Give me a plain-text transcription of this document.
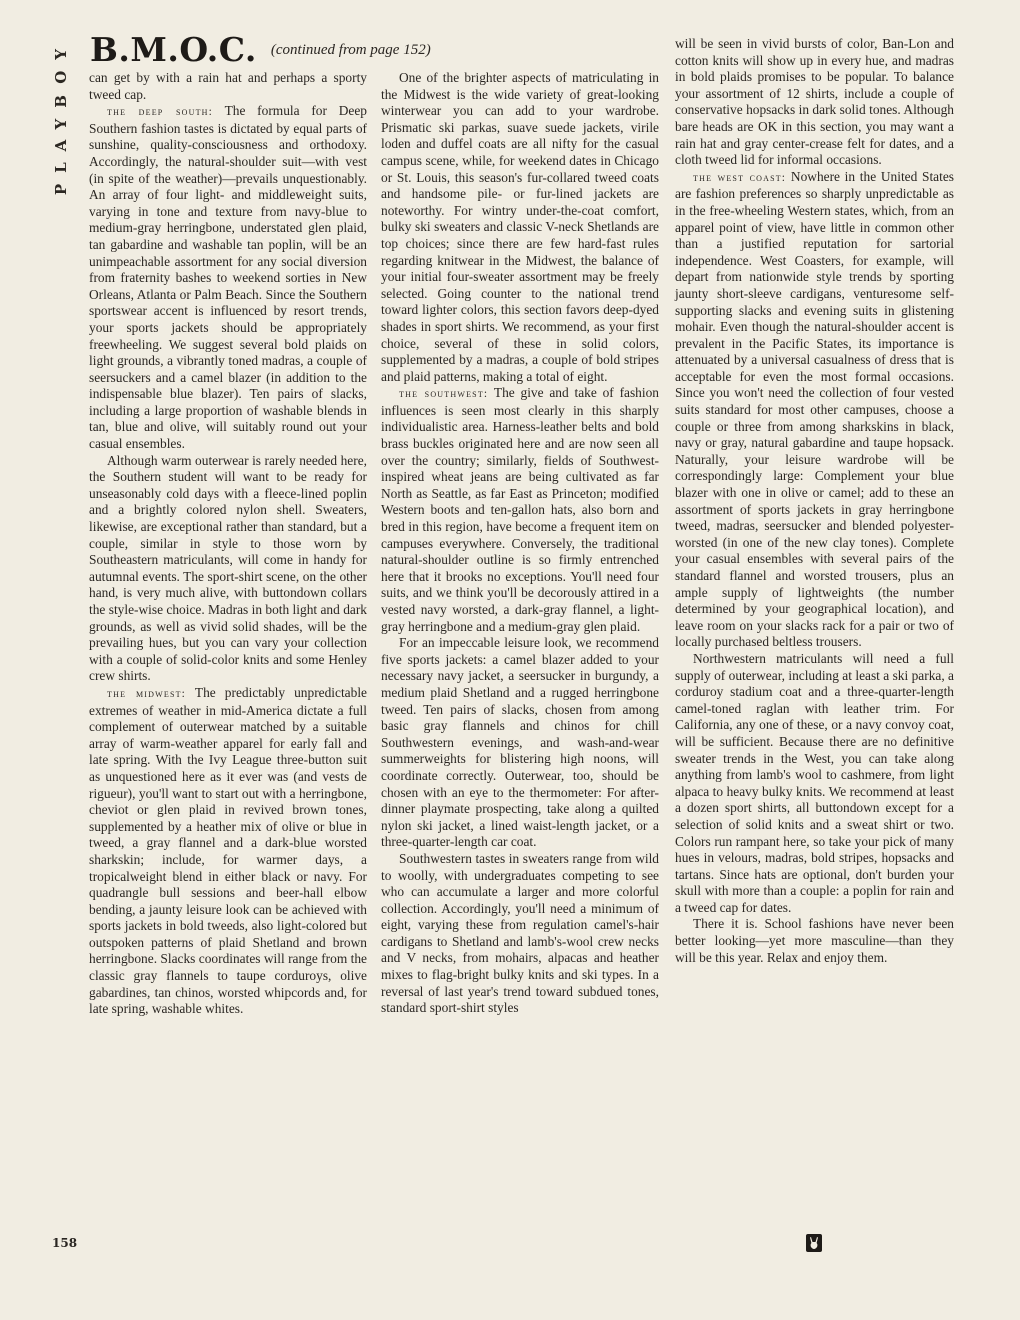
PLAYBOY B.M.O.C. (continued from page 152)

can get by with a rain hat and perhaps a sporty tweed cap.

the deep south: The formula for Deep Southern fashion tastes is dictated by equal parts of sunshine, quality-consciousness and orthodoxy. Accordingly, the natural-shoulder suit—with vest (in spite of the weather)—prevails unquestionably. An array of four light- and middleweight suits, varying in tone and texture from navy-blue to medium-gray herringbone, understated glen plaid, tan gabardine and washable tan poplin, will be an unimpeachable assortment for any social diversion from fraternity bashes to weekend sorties in New Orleans, Atlanta or Palm Beach. Since the Southern sportswear accent is influenced by resort trends, your sports jackets should be appropriately freewheeling. We suggest several bold plaids on light grounds, a vibrantly toned madras, a couple of seersuckers and a camel blazer (in addition to the indispensable blue blazer). Ten pairs of slacks, including a large proportion of washable blends in tan, blue and olive, will suitably round out your casual ensembles.

Although warm outerwear is rarely needed here, the Southern student will want to be ready for unseasonably cold days with a fleece-lined poplin and a brightly colored nylon shell. Sweaters, likewise, are exceptional rather than standard, but a couple, similar in style to those worn by Southeastern matriculants, will come in handy for autumnal events. The sport-shirt scene, on the other hand, is very much alive, with buttondown collars the style-wise choice. Madras in both light and dark grounds, as well as vivid solid shades, will be the prevailing hues, but you can vary your collection with a couple of solid-color knits and some Henley crew shirts.

the midwest: The predictably unpredictable extremes of weather in mid-America dictate a full complement of outerwear matched by a suitable array of warm-weather apparel for early fall and late spring. With the Ivy League three-button suit as unquestioned here as it ever was (and vests de rigueur), you'll want to start out with a herringbone, cheviot or glen plaid in revived brown tones, supplemented by a heather mix of olive or blue in tweed, a gray flannel and a dark-blue worsted sharkskin; include, for warmer days, a tropicalweight blend in either black or navy. For quadrangle bull sessions and beer-hall elbow bending, a jaunty leisure look can be achieved with sports jackets in bold tweeds, also light-colored but outspoken patterns of plaid Shetland and brown herringbone. Slacks coordinates will range from the classic gray flannels to taupe corduroys, olive gabardines, tan chinos, worsted whipcords and, for late spring, washable whites.

One of the brighter aspects of matriculating in the Midwest is the wide variety of great-looking winterwear you can add to your wardrobe. Prismatic ski parkas, suave suede jackets, virile loden and duffel coats are all nifty for the casual campus scene, while, for weekend dates in Chicago or St. Louis, this season's fur-collared tweed coats and handsome pile- or fur-lined jackets are noteworthy. For wintry under-the-coat comfort, bulky ski sweaters and classic V-neck Shetlands are top choices; since there are few hard-fast rules regarding knitwear in the Midwest, the balance of your initial four-sweater assortment may be freely selected. Going counter to the national trend toward lighter colors, this section favors deep-dyed shades in sport shirts. We recommend, as your first choice, several of these in solid colors, supplemented by a madras, a couple of bold stripes and plaid patterns, making a total of eight.

the southwest: The give and take of fashion influences is seen most clearly in this sharply individualistic area. Harness-leather belts and bold brass buckles originated here and are now seen all over the country; similarly, fields of Southwest-inspired wheat jeans are being cultivated as far North as Seattle, as far East as Princeton; modified Western boots and ten-gallon hats, also born and bred in this region, have become a frequent item on campuses everywhere. Conversely, the traditional natural-shoulder outline is so firmly entrenched here that it brooks no exceptions. You'll need four suits, and we think you'll be decorously attired in a vested navy worsted, a dark-gray flannel, a light-gray herringbone and a medium-gray glen plaid.

For an impeccable leisure look, we recommend five sports jackets: a camel blazer added to your necessary navy jacket, a seersucker in burgundy, a medium plaid Shetland and a rugged herringbone tweed. Ten pairs of slacks, chosen from among basic gray flannels and chinos for chill Southwestern evenings, and wash-and-wear summerweights for blistering high noons, will coordinate correctly. Outerwear, too, should be chosen with an eye to the thermometer: For after-dinner playmate prospecting, take along a quilted nylon ski jacket, a lined waist-length jacket, or a three-quarter-length car coat.

Southwestern tastes in sweaters range from wild to woolly, with undergraduates competing to see who can accumulate a larger and more colorful collection. Accordingly, you'll need a minimum of eight, varying these from regulation camel's-hair cardigans to Shetland and lamb's-wool crew necks and V necks, from mohairs, alpacas and heather mixes to flag-bright bulky knits and ski types. In a reversal of last year's trend toward subdued tones, standard sport-shirt styles

will be seen in vivid bursts of color, Ban-Lon and cotton knits will show up in every hue, and madras in bold plaids promises to be popular. To balance your assortment of 12 shirts, include a couple of conservative hopsacks in dark solid tones. Although bare heads are OK in this section, you may want a rain hat and gray center-crease felt for dates, and a cloth tweed lid for informal occasions.

the west coast: Nowhere in the United States are fashion preferences so sharply unpredictable as in the free-wheeling Western states, which, from an apparel point of view, have little in common other than a justified reputation for sartorial independence. West Coasters, for example, will depart from nationwide style trends by sporting jaunty short-sleeve cardigans, venturesome self-supporting slacks and evening suits in glistening mohair. Even though the natural-shoulder accent is prevalent in the Pacific States, its importance is attenuated by a universal casualness of dress that is acceptable for even the most formal occasions. Since you won't need the collection of four vested suits standard for most other campuses, choose a couple or three from among sharkskins in black, navy or gray, natural gabardine and taupe hopsack. Naturally, your leisure wardrobe will be correspondingly large: Complement your blue blazer with one in olive or camel; add to these an assortment of sports jackets in gray herringbone tweed, madras, seersucker and blended polyester-worsted (in one of the new clay tones). Complete your casual ensembles with several pairs of the standard flannel and worsted trousers, plus an ample supply of lightweights (the number determined by your geographical location), and leave room on your slacks rack for a pair or two of locally purchased beltless trousers.

Northwestern matriculants will need a full supply of outerwear, including at least a ski parka, a corduroy stadium coat and a three-quarter-length camel-toned raglan with leather trim. For California, any one of these, or a navy convoy coat, will be sufficient. Because there are no definitive sweater trends in the West, you can take along anything from lamb's wool to cashmere, from light alpaca to heavy bulky knits. We recommend at least a dozen sport shirts, all buttondown except for a selection of solid knits and a sweat shirt or two. Colors run rampant here, so take your pick of many hues in velours, madras, bold stripes, hopsacks and tartans. Since hats are optional, don't burden your skull with more than a couple: a poplin for rain and a tweed cap for dates.

There it is. School fashions have never been better looking—yet more masculine—than they will be this year. Relax and enjoy them.

158
